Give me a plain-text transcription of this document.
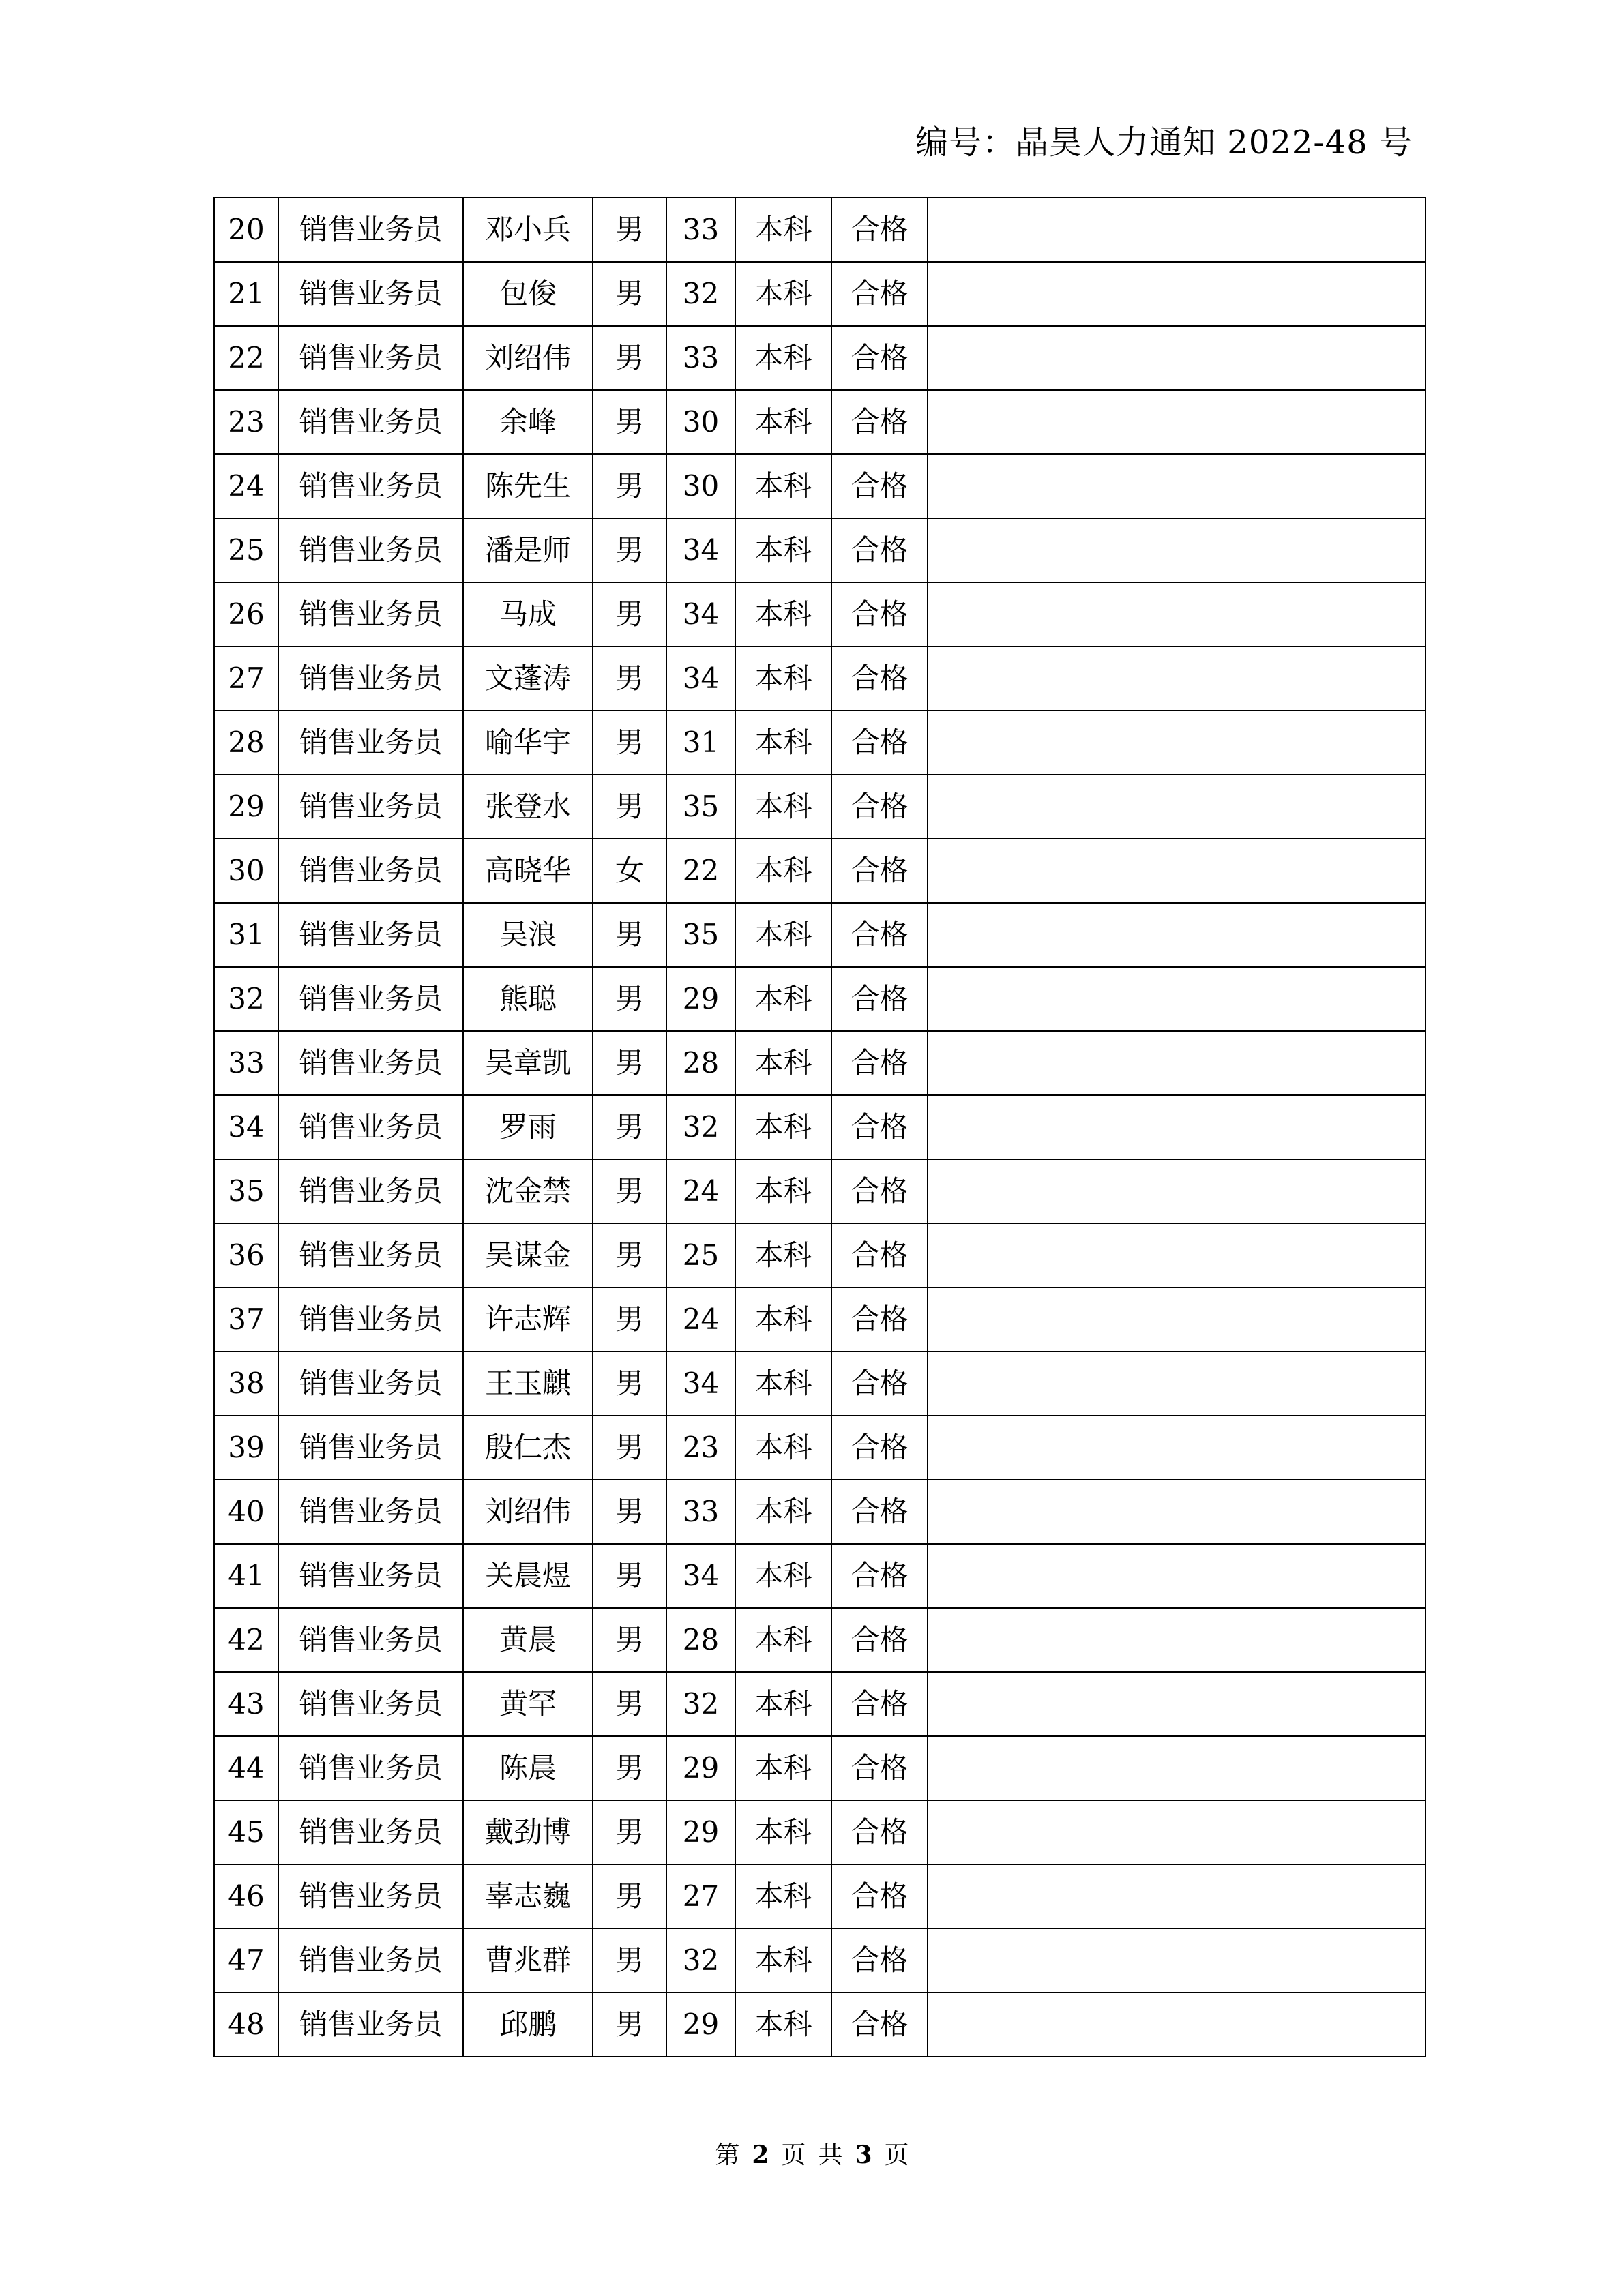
编号：晶昊人力通知 2022-48 号
20	销售业务员	邓小兵	男	33	本科	合格	
21	销售业务员	包俊	男	32	本科	合格	
22	销售业务员	刘绍伟	男	33	本科	合格	
23	销售业务员	余峰	男	30	本科	合格	
24	销售业务员	陈先生	男	30	本科	合格	
25	销售业务员	潘是师	男	34	本科	合格	
26	销售业务员	马成	男	34	本科	合格	
27	销售业务员	文蓬涛	男	34	本科	合格	
28	销售业务员	喻华宇	男	31	本科	合格	
29	销售业务员	张登水	男	35	本科	合格	
30	销售业务员	高晓华	女	22	本科	合格	
31	销售业务员	吴浪	男	35	本科	合格	
32	销售业务员	熊聪	男	29	本科	合格	
33	销售业务员	吴章凯	男	28	本科	合格	
34	销售业务员	罗雨	男	32	本科	合格	
35	销售业务员	沈金禁	男	24	本科	合格	
36	销售业务员	吴谋金	男	25	本科	合格	
37	销售业务员	许志辉	男	24	本科	合格	
38	销售业务员	王玉麒	男	34	本科	合格	
39	销售业务员	殷仁杰	男	23	本科	合格	
40	销售业务员	刘绍伟	男	33	本科	合格	
41	销售业务员	关晨煜	男	34	本科	合格	
42	销售业务员	黄晨	男	28	本科	合格	
43	销售业务员	黄罕	男	32	本科	合格	
44	销售业务员	陈晨	男	29	本科	合格	
45	销售业务员	戴劲博	男	29	本科	合格	
46	销售业务员	辜志巍	男	27	本科	合格	
47	销售业务员	曹兆群	男	32	本科	合格	
48	销售业务员	邱鹏	男	29	本科	合格	
第 2 页 共 3 页
